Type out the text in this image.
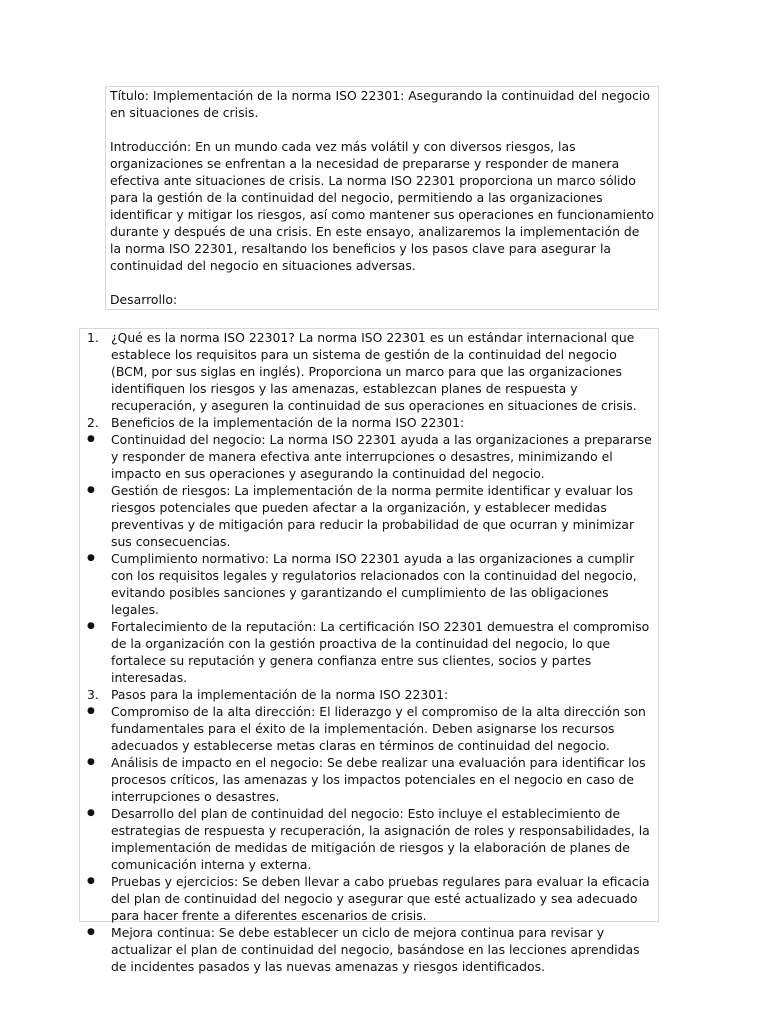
Título: Implementación de la norma ISO 22301: Asegurando la continuidad del negocio en situaciones de crisis.

Introducción: En un mundo cada vez más volátil y con diversos riesgos, las organizaciones se enfrentan a la necesidad de prepararse y responder de manera efectiva ante situaciones de crisis. La norma ISO 22301 proporciona un marco sólido para la gestión de la continuidad del negocio, permitiendo a las organizaciones identificar y mitigar los riesgos, así como mantener sus operaciones en funcionamiento durante y después de una crisis. En este ensayo, analizaremos la implementación de la norma ISO 22301, resaltando los beneficios y los pasos clave para asegurar la continuidad del negocio en situaciones adversas.

Desarrollo:

1. ¿Qué es la norma ISO 22301? La norma ISO 22301 es un estándar internacional que establece los requisitos para un sistema de gestión de la continuidad del negocio (BCM, por sus siglas en inglés). Proporciona un marco para que las organizaciones identifiquen los riesgos y las amenazas, establezcan planes de respuesta y recuperación, y aseguren la continuidad de sus operaciones en situaciones de crisis.
2. Beneficios de la implementación de la norma ISO 22301:
●	Continuidad del negocio: La norma ISO 22301 ayuda a las organizaciones a prepararse y responder de manera efectiva ante interrupciones o desastres, minimizando el impacto en sus operaciones y asegurando la continuidad del negocio.
●	Gestión de riesgos: La implementación de la norma permite identificar y evaluar los riesgos potenciales que pueden afectar a la organización, y establecer medidas preventivas y de mitigación para reducir la probabilidad de que ocurran y minimizar sus consecuencias.
●	Cumplimiento normativo: La norma ISO 22301 ayuda a las organizaciones a cumplir con los requisitos legales y regulatorios relacionados con la continuidad del negocio, evitando posibles sanciones y garantizando el cumplimiento de las obligaciones legales.
●	Fortalecimiento de la reputación: La certificación ISO 22301 demuestra el compromiso de la organización con la gestión proactiva de la continuidad del negocio, lo que fortalece su reputación y genera confianza entre sus clientes, socios y partes interesadas.
3. Pasos para la implementación de la norma ISO 22301:
●	Compromiso de la alta dirección: El liderazgo y el compromiso de la alta dirección son fundamentales para el éxito de la implementación. Deben asignarse los recursos adecuados y establecerse metas claras en términos de continuidad del negocio.
●	Análisis de impacto en el negocio: Se debe realizar una evaluación para identificar los procesos críticos, las amenazas y los impactos potenciales en el negocio en caso de interrupciones o desastres.
●	Desarrollo del plan de continuidad del negocio: Esto incluye el establecimiento de estrategias de respuesta y recuperación, la asignación de roles y responsabilidades, la implementación de medidas de mitigación de riesgos y la elaboración de planes de comunicación interna y externa.
●	Pruebas y ejercicios: Se deben llevar a cabo pruebas regulares para evaluar la eficacia del plan de continuidad del negocio y asegurar que esté actualizado y sea adecuado para hacer frente a diferentes escenarios de crisis.
●	Mejora continua: Se debe establecer un ciclo de mejora continua para revisar y actualizar el plan de continuidad del negocio, basándose en las lecciones aprendidas de incidentes pasados y las nuevas amenazas y riesgos identificados.
